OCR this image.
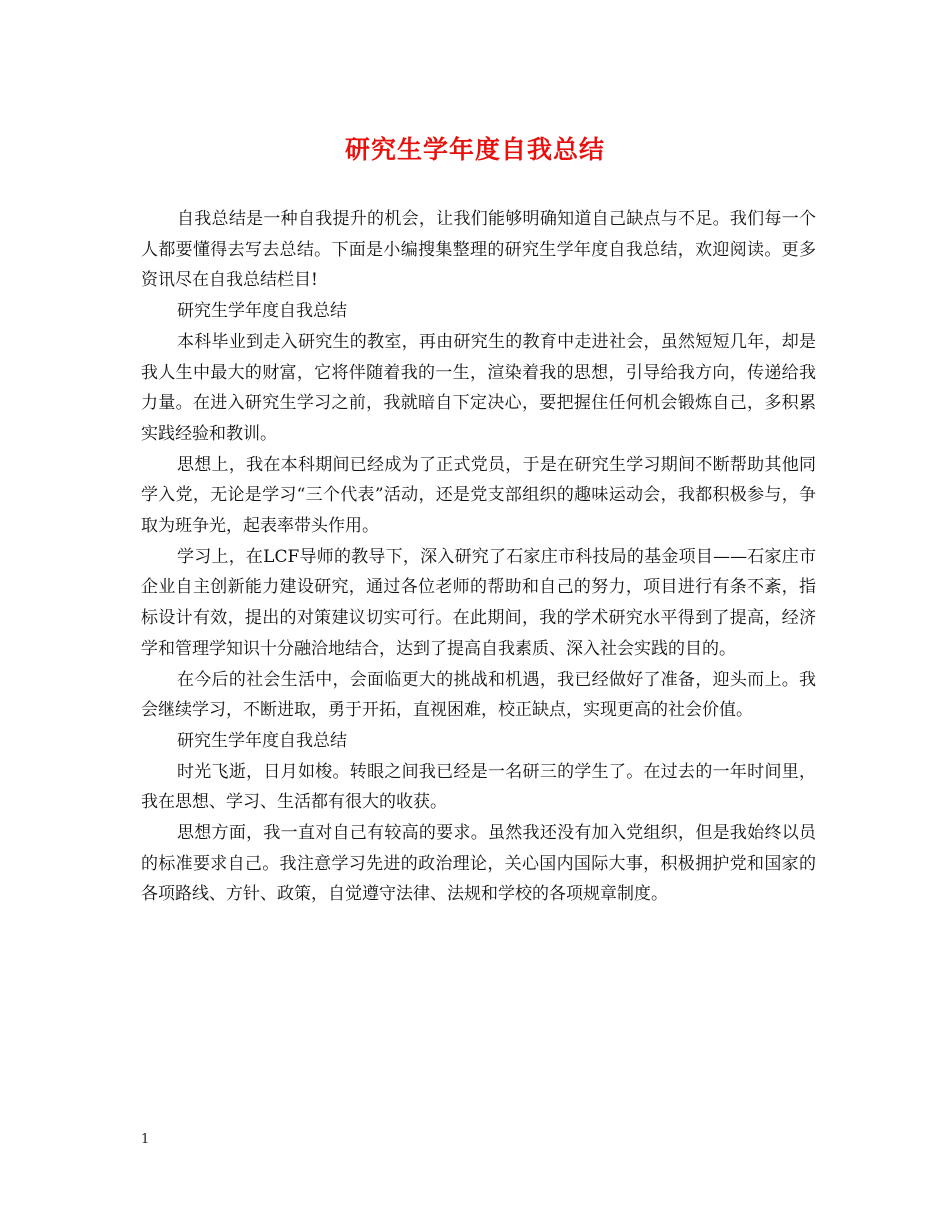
研究生学年度自我总结

自我总结是一种自我提升的机会，让我们能够明确知道自己缺点与不足。我们每一个人都要懂得去写去总结。下面是小编搜集整理的研究生学年度自我总结，欢迎阅读。更多资讯尽在自我总结栏目!

研究生学年度自我总结

本科毕业到走入研究生的教室，再由研究生的教育中走进社会，虽然短短几年，却是我人生中最大的财富，它将伴随着我的一生，渲染着我的思想，引导给我方向，传递给我力量。在进入研究生学习之前，我就暗自下定决心，要把握住任何机会锻炼自己，多积累实践经验和教训。

思想上，我在本科期间已经成为了正式党员，于是在研究生学习期间不断帮助其他同学入党，无论是学习“三个代表”活动，还是党支部组织的趣味运动会，我都积极参与，争取为班争光，起表率带头作用。

学习上，在LCF导师的教导下，深入研究了石家庄市科技局的基金项目——石家庄市企业自主创新能力建设研究，通过各位老师的帮助和自己的努力，项目进行有条不紊，指标设计有效，提出的对策建议切实可行。在此期间，我的学术研究水平得到了提高，经济学和管理学知识十分融洽地结合，达到了提高自我素质、深入社会实践的目的。

在今后的社会生活中，会面临更大的挑战和机遇，我已经做好了准备，迎头而上。我会继续学习，不断进取，勇于开拓，直视困难，校正缺点，实现更高的社会价值。

研究生学年度自我总结

时光飞逝，日月如梭。转眼之间我已经是一名研三的学生了。在过去的一年时间里，我在思想、学习、生活都有很大的收获。

思想方面，我一直对自己有较高的要求。虽然我还没有加入党组织，但是我始终以员的标准要求自己。我注意学习先进的政治理论，关心国内国际大事，积极拥护党和国家的各项路线、方针、政策，自觉遵守法律、法规和学校的各项规章制度。

1
